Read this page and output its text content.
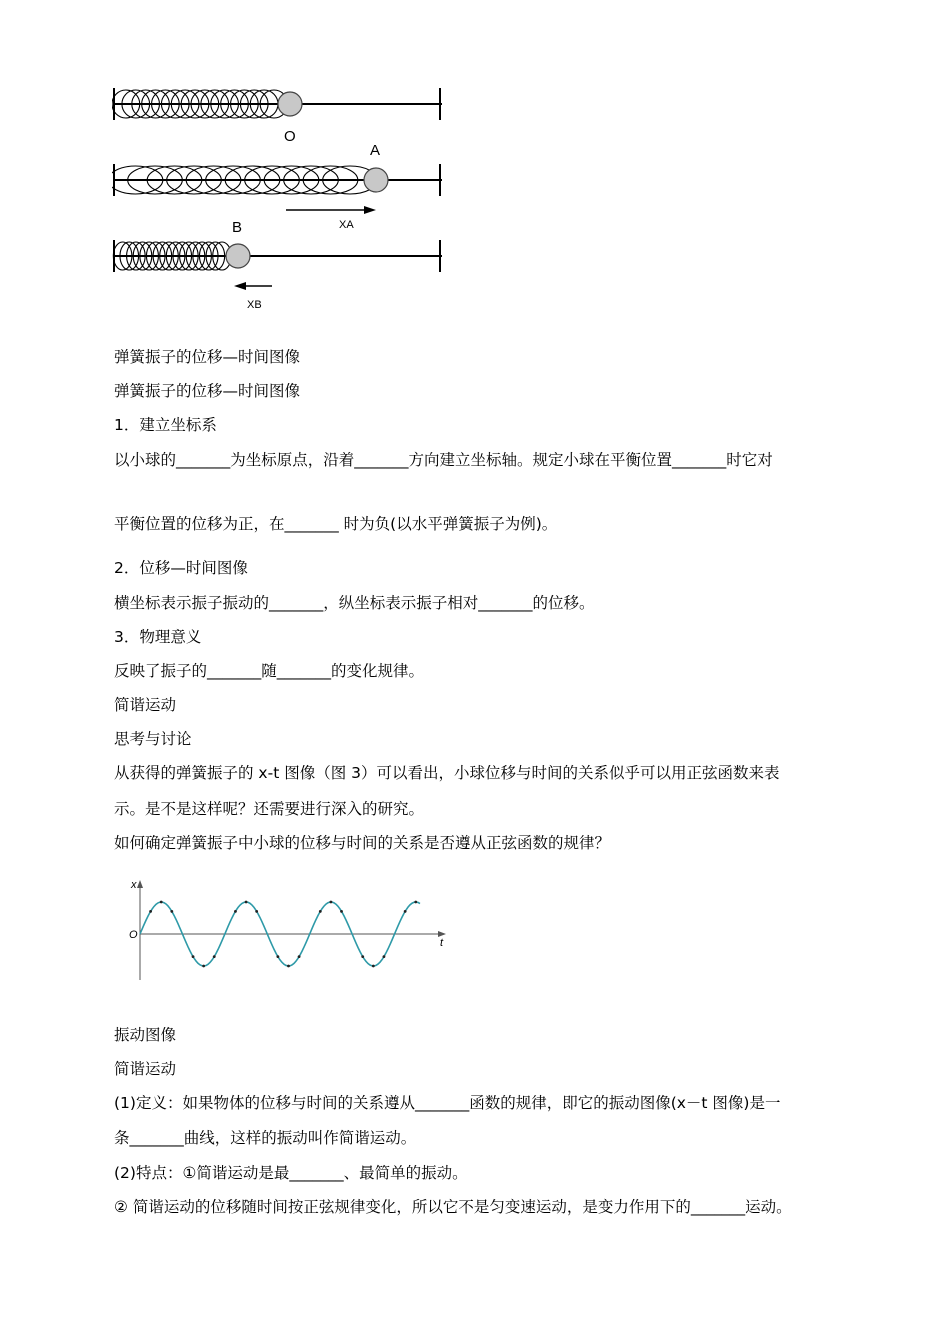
O
A
XA
B
XB
弹簧振子的位移—时间图像
弹簧振子的位移—时间图像
1．建立坐标系
以小球的_______为坐标原点，沿着_______方向建立坐标轴。规定小球在平衡位置_______时它对
平衡位置的位移为正，在_______ 时为负(以水平弹簧振子为例)。
2．位移—时间图像
横坐标表示振子振动的_______，纵坐标表示振子相对_______的位移。
3．物理意义
反映了振子的_______随_______的变化规律。
简谐运动
思考与讨论
从获得的弹簧振子的 x-t 图像（图 3）可以看出，小球位移与时间的关系似乎可以用正弦函数来表
示。是不是这样呢？还需要进行深入的研究。
如何确定弹簧振子中小球的位移与时间的关系是否遵从正弦函数的规律？
x
t
O
振动图像
简谐运动
(1)定义：如果物体的位移与时间的关系遵从_______函数的规律，即它的振动图像(x－t 图像)是一
条_______曲线，这样的振动叫作简谐运动。
(2)特点：①简谐运动是最_______、最简单的振动。
② 简谐运动的位移随时间按正弦规律变化，所以它不是匀变速运动，是变力作用下的_______运动。
